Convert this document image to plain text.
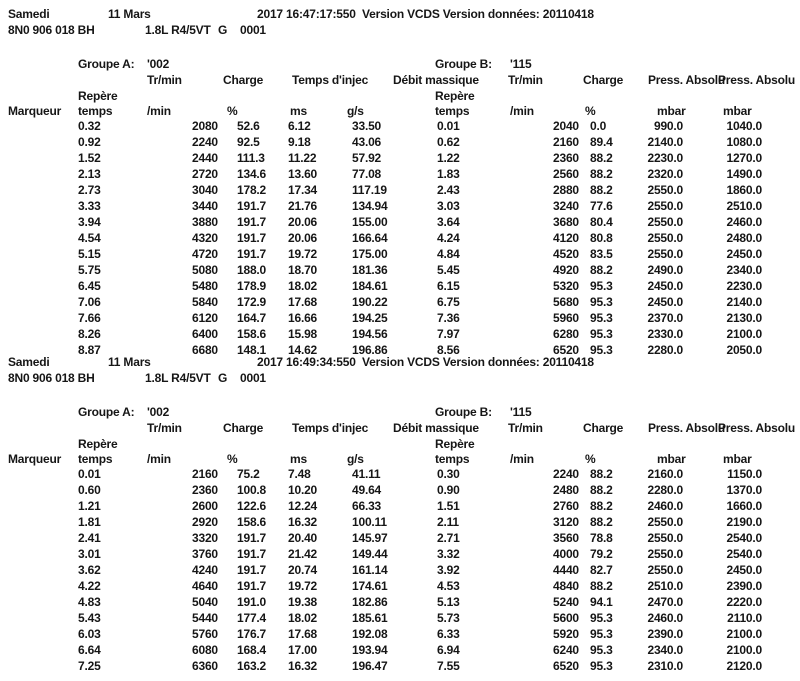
Samedi	11 Mars	2017 16:47:17:550 Version VCDS Version données: 20110418
8N0 906 018 BH	1.8L R4/5VT G 0001
Groupe A: '002	Groupe B: '115
Tr/min	Charge Temps d'injec Débit massique Tr/min	Charge Press. Absolu
Press. Absolu
Repère	Repère
Marqueur temps	/min	%	ms	g/s	temps	/min	%	mbar	mbar
0.32	2080 52.6 6.12	33.50	0.01	2040 0.0	990.0	1040.0
0.92	2240 92.5 9.18	43.06	0.62	2160 89.4	2140.0	1080.0
1.52	2440 111.3 11.22	57.92	1.22	2360 88.2	2230.0	1270.0
2.13	2720 134.6 13.60	77.08	1.83	2560 88.2	2320.0	1490.0
2.73	3040 178.2 17.34	117.19	2.43	2880 88.2	2550.0	1860.0
3.33	3440 191.7 21.76	134.94	3.03	3240 77.6	2550.0	2510.0
3.94	3880 191.7 20.06	155.00	3.64	3680 80.4	2550.0	2460.0
4.54	4320 191.7 20.06	166.64	4.24	4120 80.8	2550.0	2480.0
5.15	4720 191.7 19.72	175.00	4.84	4520 83.5	2550.0	2450.0
5.75	5080 188.0 18.70	181.36	5.45	4920 88.2	2490.0	2340.0
6.45	5480 178.9 18.02	184.61	6.15	5320 95.3	2450.0	2230.0
7.06	5840 172.9 17.68	190.22	6.75	5680 95.3	2450.0	2140.0
7.66	6120 164.7 16.66	194.25	7.36	5960 95.3	2370.0	2130.0
8.26	6400 158.6 15.98	194.56	7.97	6280 95.3	2330.0	2100.0
8.87	6680 148.1 14.62	196.86	8.56	6520 95.3	2280.0	2050.0
Samedi	11 Mars	2017 16:49:34:550 Version VCDS Version données: 20110418
8N0 906 018 BH	1.8L R4/5VT G 0001
Groupe A: '002	Groupe B: '115
Tr/min	Charge Temps d'injec Débit massique Tr/min	Charge Press. Absolu
Press. Absolu
Repère	Repère
Marqueur temps	/min	%	ms	g/s	temps	/min	%	mbar	mbar
0.01	2160 75.2 7.48	41.11	0.30	2240 88.2	2160.0	1150.0
0.60	2360 100.8 10.20	49.64	0.90	2480 88.2	2280.0	1370.0
1.21	2600 122.6 12.24	66.33	1.51	2760 88.2	2460.0	1660.0
1.81	2920 158.6 16.32	100.11	2.11	3120 88.2	2550.0	2190.0
2.41	3320 191.7 20.40	145.97	2.71	3560 78.8	2550.0	2540.0
3.01	3760 191.7 21.42	149.44	3.32	4000 79.2	2550.0	2540.0
3.62	4240 191.7 20.74	161.14	3.92	4440 82.7	2550.0	2450.0
4.22	4640 191.7 19.72	174.61	4.53	4840 88.2	2510.0	2390.0
4.83	5040 191.0 19.38	182.86	5.13	5240 94.1	2470.0	2220.0
5.43	5440 177.4 18.02	185.61	5.73	5600 95.3	2460.0	2110.0
6.03	5760 176.7 17.68	192.08	6.33	5920 95.3	2390.0	2100.0
6.64	6080 168.4 17.00	193.94	6.94	6240 95.3	2340.0	2100.0
7.25	6360 163.2 16.32	196.47	7.55	6520 95.3	2310.0	2120.0
